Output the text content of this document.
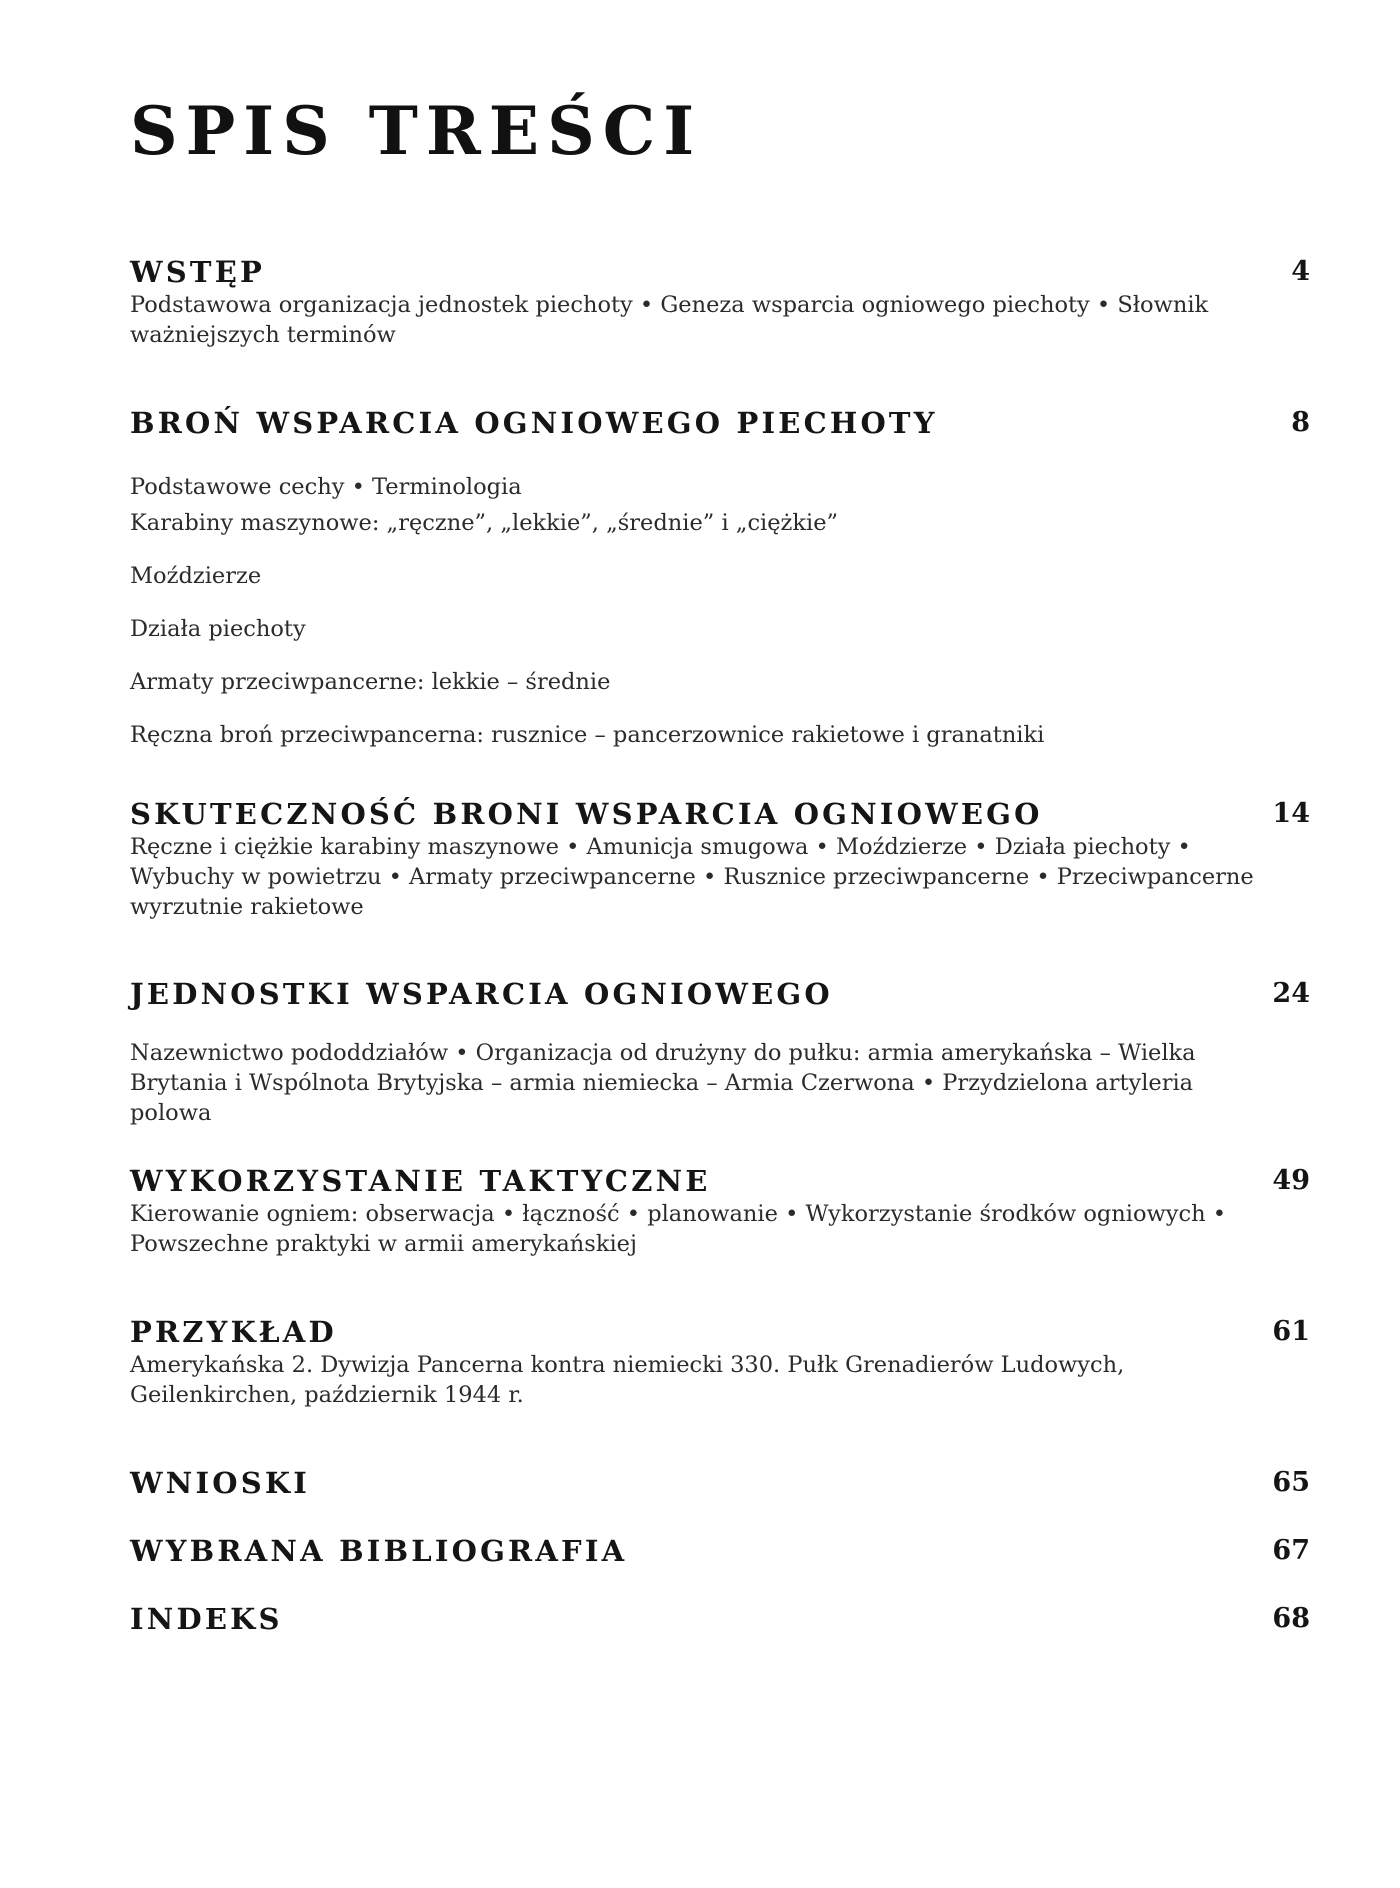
SPIS TREŚCI
WSTĘP	4

Podstawowa organizacja jednostek piechoty • Geneza wsparcia ogniowego piechoty • Słownik ważniejszych terminów

BROŃ WSPARCIA OGNIOWEGO PIECHOTY	8
Podstawowe cechy • Terminologia
Karabiny maszynowe: „ręczne”, „lekkie”, „średnie” i „ciężkie”
Moździerze
Działa piechoty
Armaty przeciwpancerne: lekkie – średnie
Ręczna broń przeciwpancerna: rusznice – pancerzownice rakietowe i granatniki
SKUTECZNOŚĆ BRONI WSPARCIA OGNIOWEGO	14

Ręczne i ciężkie karabiny maszynowe • Amunicja smugowa • Moździerze • Działa piechoty • Wybuchy w powietrzu • Armaty przeciwpancerne • Rusznice przeciwpancerne • Przeciwpancerne wyrzutnie rakietowe

JEDNOSTKI WSPARCIA OGNIOWEGO	24

Nazewnictwo pododdziałów • Organizacja od drużyny do pułku: armia amerykańska – Wielka Brytania i Wspólnota Brytyjska – armia niemiecka – Armia Czerwona • Przydzielona artyleria polowa

WYKORZYSTANIE TAKTYCZNE	49

Kierowanie ogniem: obserwacja • łączność • planowanie • Wykorzystanie środków ogniowych • Powszechne praktyki w armii amerykańskiej

PRZYKŁAD	61

Amerykańska 2. Dywizja Pancerna kontra niemiecki 330. Pułk Grenadierów Ludowych, Geilenkirchen, październik 1944 r.

WNIOSKI	65
WYBRANA BIBLIOGRAFIA	67
INDEKS	68
